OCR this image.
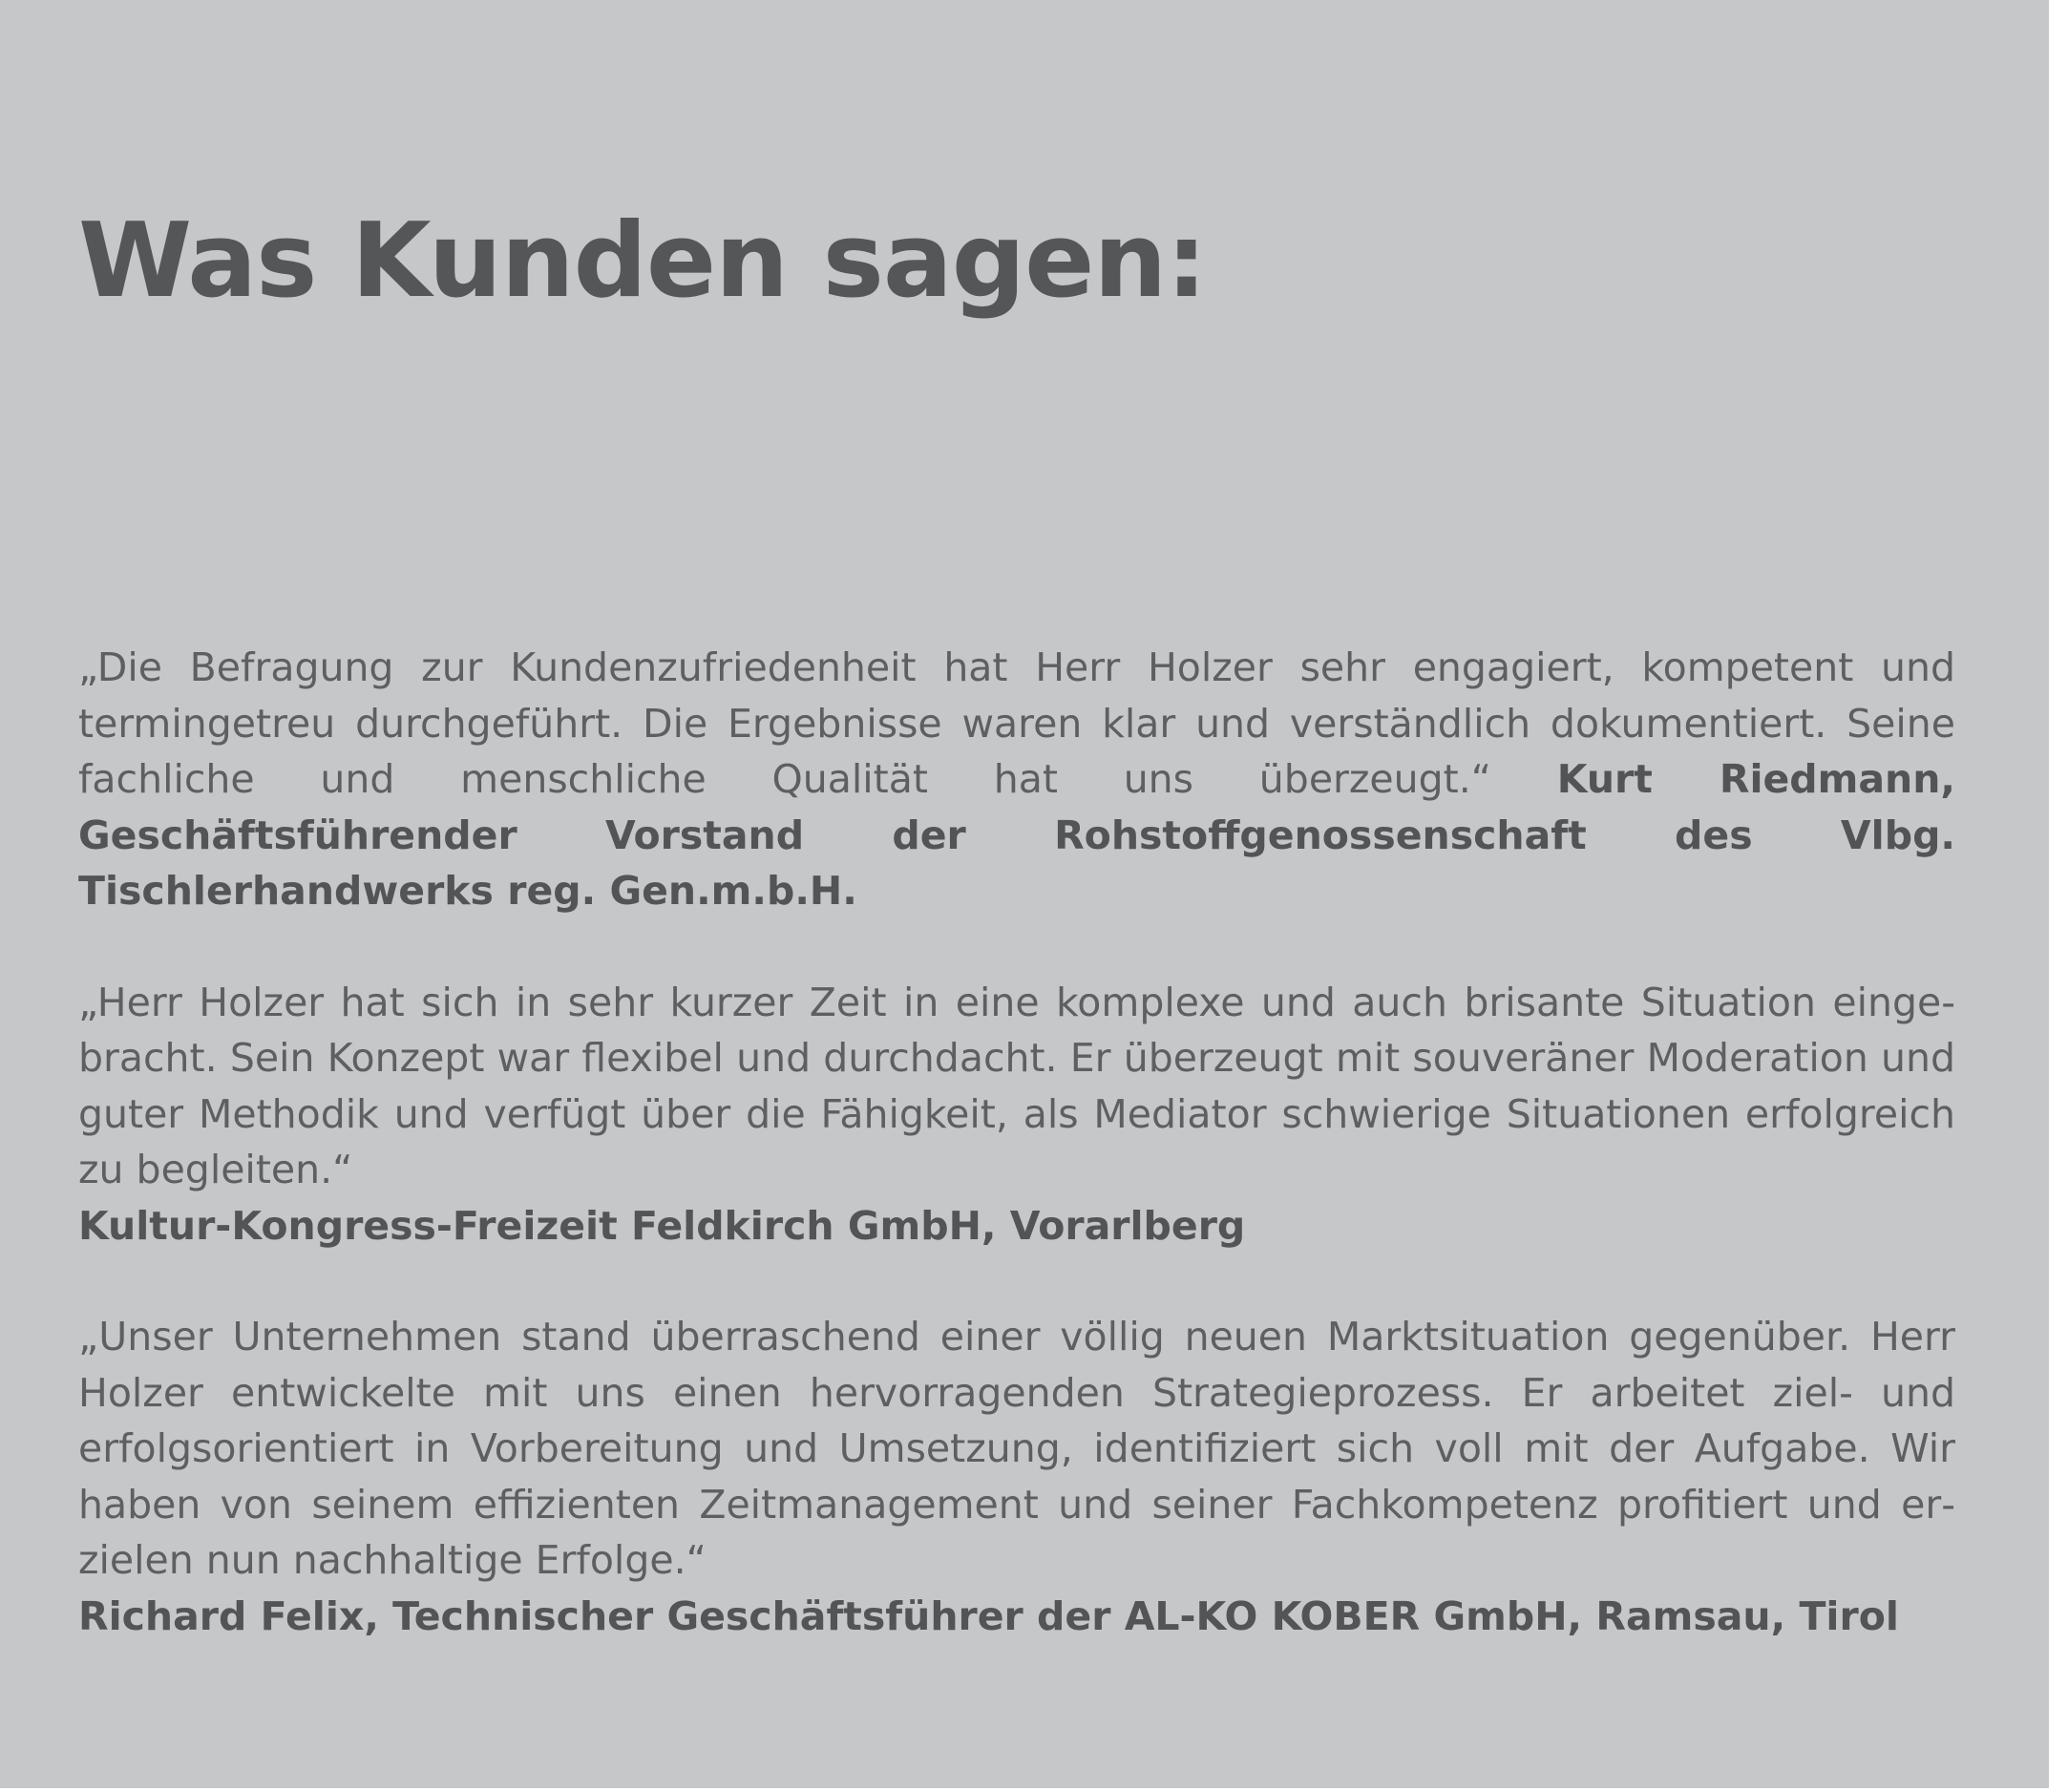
Was Kunden sagen:

„Die Befragung zur Kundenzufriedenheit hat Herr Holzer sehr engagiert, kompetent und termingetreu durchgeführt. Die Ergebnisse waren klar und verständlich dokumentiert. Seine fachliche und menschliche Qualität hat uns überzeugt.“ Kurt Riedmann, Geschäftsführender Vorstand der Rohstoffgenossenschaft des Vlbg. Tischlerhandwerks reg. Gen.m.b.H.

„Herr Holzer hat sich in sehr kurzer Zeit in eine komplexe und auch brisante Situation eingebracht. Sein Konzept war flexibel und durchdacht. Er überzeugt mit souveräner Moderation und guter Methodik und verfügt über die Fähigkeit, als Mediator schwierige Situationen erfolgreich zu begleiten.“
Kultur-Kongress-Freizeit Feldkirch GmbH, Vorarlberg

„Unser Unternehmen stand überraschend einer völlig neuen Marktsituation gegenüber. Herr Holzer entwickelte mit uns einen hervorragenden Strategieprozess. Er arbeitet ziel- und erfolgsorientiert in Vorbereitung und Umsetzung, identifiziert sich voll mit der Aufgabe. Wir haben von seinem effizienten Zeitmanagement und seiner Fachkompetenz profitiert und erzielen nun nachhaltige Erfolge.“
Richard Felix, Technischer Geschäftsführer der AL-KO KOBER GmbH, Ramsau, Tirol
